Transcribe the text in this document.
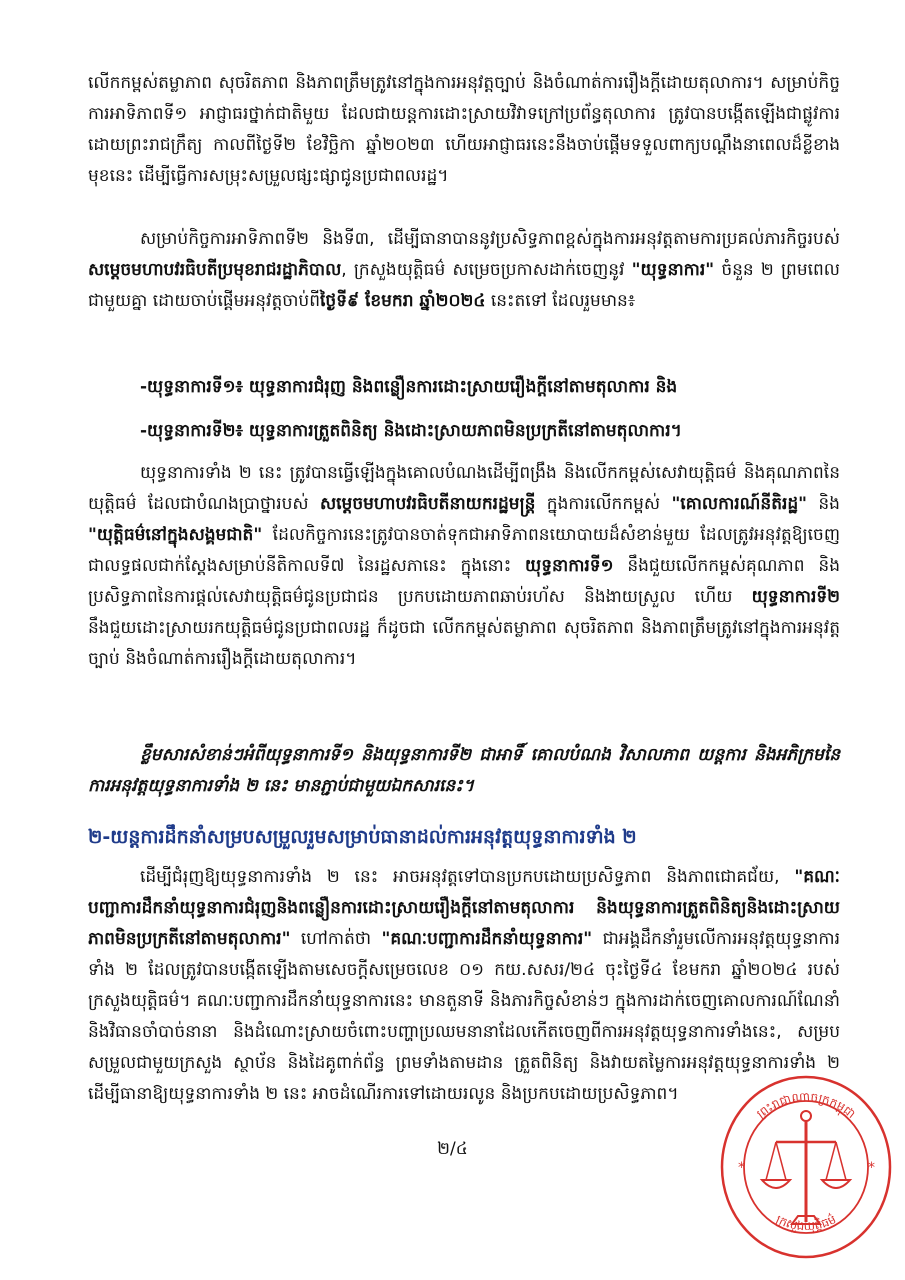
លើកកម្ពស់តម្លាភាព សុចរិតភាព និងភាពត្រឹមត្រូវនៅក្នុងការអនុវត្តច្បាប់ និងចំណាត់ការរឿងក្តីដោយតុលាការ។ សម្រាប់កិច្ចការអាទិភាពទី១ អាជ្ញាធរថ្នាក់ជាតិមួយ ដែលជាយន្តការដោះស្រាយវិវាទក្រៅប្រព័ន្ធតុលាការ ត្រូវបានបង្កើតឡើងជាផ្លូវការដោយព្រះរាជក្រឹត្យ កាលពីថ្ងៃទី២ ខែវិច្ឆិកា ឆ្នាំ២០២៣ ហើយអាជ្ញាធរនេះនឹងចាប់ផ្តើមទទួលពាក្យបណ្តឹងនាពេលដ៏ខ្លីខាងមុខនេះ ដើម្បីធ្វើការសម្រុះសម្រួលផ្សះផ្សាជូនប្រជាពលរដ្ឋ។

សម្រាប់កិច្ចការអាទិភាពទី២ និងទី៣, ដើម្បីធានាបាននូវប្រសិទ្ធភាពខ្ពស់ក្នុងការអនុវត្តតាមការប្រគល់ភារកិច្ចរបស់ សម្តេចមហាបវរធិបតីប្រមុខរាជរដ្ឋាភិបាល, ក្រសួងយុត្តិធម៌ សម្រេចប្រកាសដាក់ចេញនូវ "យុទ្ធនាការ" ចំនួន ២ ព្រមពេលជាមួយគ្នា ដោយចាប់ផ្តើមអនុវត្តចាប់ពីថ្ងៃទី៩ ខែមករា ឆ្នាំ២០២៤ នេះតទៅ ដែលរួមមាន៖

-យុទ្ធនាការទី១៖ យុទ្ធនាការជំរុញ និងពន្លឿនការដោះស្រាយរឿងក្តីនៅតាមតុលាការ និង
-យុទ្ធនាការទី២៖ យុទ្ធនាការត្រួតពិនិត្យ និងដោះស្រាយភាពមិនប្រក្រតីនៅតាមតុលាការ។

យុទ្ធនាការទាំង ២ នេះ ត្រូវបានធ្វើឡើងក្នុងគោលបំណងដើម្បីពង្រឹង និងលើកកម្ពស់សេវាយុត្តិធម៌ និងគុណភាពនៃយុត្តិធម៌ ដែលជាបំណងប្រាថ្នារបស់ សម្តេចមហាបវរធិបតីនាយករដ្ឋមន្ត្រី ក្នុងការលើកកម្ពស់ "គោលការណ៍នីតិរដ្ឋ" និង "យុត្តិធម៌នៅក្នុងសង្គមជាតិ" ដែលកិច្ចការនេះត្រូវបានចាត់ទុកជាអាទិភាពនយោបាយដ៏សំខាន់មួយ ដែលត្រូវអនុវត្តឱ្យចេញជាលទ្ធផលជាក់ស្តែងសម្រាប់នីតិកាលទី៧ នៃរដ្ឋសភានេះ ក្នុងនោះ យុទ្ធនាការទី១ នឹងជួយលើកកម្ពស់គុណភាព និងប្រសិទ្ធភាពនៃការផ្តល់សេវាយុត្តិធម៌ជូនប្រជាជន ប្រកបដោយភាពឆាប់រហ័ស និងងាយស្រួល ហើយ យុទ្ធនាការទី២ នឹងជួយដោះស្រាយរកយុត្តិធម៌ជូនប្រជាពលរដ្ឋ ក៏ដូចជា លើកកម្ពស់តម្លាភាព សុចរិតភាព និងភាពត្រឹមត្រូវនៅក្នុងការអនុវត្តច្បាប់ និងចំណាត់ការរឿងក្តីដោយតុលាការ។

ខ្លឹមសារសំខាន់ៗអំពីយុទ្ធនាការទី១ និងយុទ្ធនាការទី២ ជាអាទិ៍ គោលបំណង វិសាលភាព យន្តការ និងអភិក្រមនៃការអនុវត្តយុទ្ធនាការទាំង ២ នេះ មានភ្ជាប់ជាមួយឯកសារនេះ។

២-យន្តការដឹកនាំសម្របសម្រួលរួមសម្រាប់ធានាដល់ការអនុវត្តយុទ្ធនាការទាំង ២

ដើម្បីជំរុញឱ្យយុទ្ធនាការទាំង ២ នេះ អាចអនុវត្តទៅបានប្រកបដោយប្រសិទ្ធភាព និងភាពជោគជ័យ, "គណៈបញ្ជាការដឹកនាំយុទ្ធនាការជំរុញនិងពន្លឿនការដោះស្រាយរឿងក្តីនៅតាមតុលាការ និងយុទ្ធនាការត្រួតពិនិត្យនិងដោះស្រាយភាពមិនប្រក្រតីនៅតាមតុលាការ" ហៅកាត់ថា "គណៈបញ្ជាការដឹកនាំយុទ្ធនាការ" ជាអង្គដឹកនាំរួមលើការអនុវត្តយុទ្ធនាការទាំង ២ ដែលត្រូវបានបង្កើតឡើងតាមសេចក្តីសម្រេចលេខ ០១ កយ.សសរ/២៤ ចុះថ្ងៃទី៤ ខែមករា ឆ្នាំ២០២៤ របស់ក្រសួងយុត្តិធម៌។ គណៈបញ្ជាការដឹកនាំយុទ្ធនាការនេះ មានតួនាទី និងភារកិច្ចសំខាន់ៗ ក្នុងការដាក់ចេញគោលការណ៍ណែនាំ និងវិធានចាំបាច់នានា និងដំណោះស្រាយចំពោះបញ្ហាប្រឈមនានាដែលកើតចេញពីការអនុវត្តយុទ្ធនាការទាំងនេះ, សម្របសម្រួលជាមួយក្រសួង ស្ថាប័ន និងដៃគូពាក់ព័ន្ធ ព្រមទាំងតាមដាន ត្រួតពិនិត្យ និងវាយតម្លៃការអនុវត្តយុទ្ធនាការទាំង ២ ដើម្បីធានាឱ្យយុទ្ធនាការទាំង ២ នេះ អាចដំណើរការទៅដោយរលូន និងប្រកបដោយប្រសិទ្ធភាព។

២/៤
ព្រះរាជាណាចក្រកម្ពុជា
ក្រសួងយុត្តិធម៌
*	*
